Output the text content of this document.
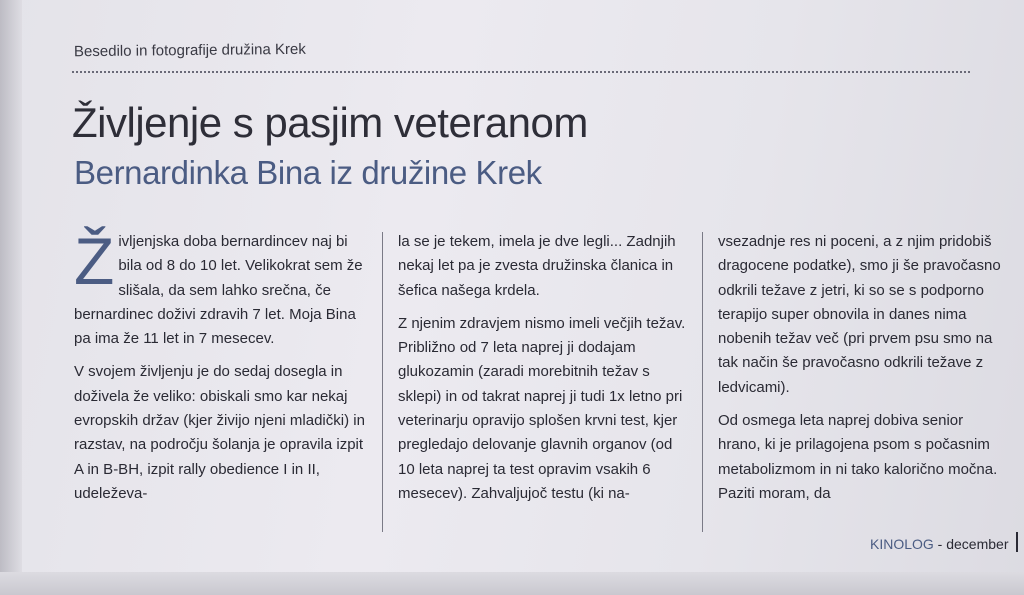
Besedilo in fotografije družina Krek
Življenje s pasjim veteranom
Bernardinka Bina iz družine Krek

Življenjska doba bernardincev naj bi bila od 8 do 10 let. Velikokrat sem že slišala, da sem lahko srečna, če bernardinec doživi zdravih 7 let. Moja Bina pa ima že 11 let in 7 mesecev.

V svojem življenju je do sedaj dosegla in doživela že veliko: obiskali smo kar nekaj evropskih držav (kjer živijo njeni mladički) in razstav, na področju šolanja je opravila izpit A in B-BH, izpit rally obedience I in II, udeleževa-

la se je tekem, imela je dve legli... Zadnjih nekaj let pa je zvesta družinska članica in šefica našega krdela.

Z njenim zdravjem nismo imeli večjih težav. Približno od 7 leta naprej ji dodajam glukozamin (zaradi morebitnih težav s sklepi) in od takrat naprej ji tudi 1x letno pri veterinarju opravijo splošen krvni test, kjer pregledajo delovanje glavnih organov (od 10 leta naprej ta test opravim vsakih 6 mesecev). Zahvaljujoč testu (ki na-

vsezadnje res ni poceni, a z njim pridobiš dragocene podatke), smo ji še pravočasno odkrili težave z jetri, ki so se s podporno terapijo super obnovila in danes nima nobenih težav več (pri prvem psu smo na tak način še pravočasno odkrili težave z ledvicami).

Od osmega leta naprej dobiva senior hrano, ki je prilagojena psom s počasnim metabolizmom in ni tako kalorično močna. Paziti moram, da

KINOLOG - december
